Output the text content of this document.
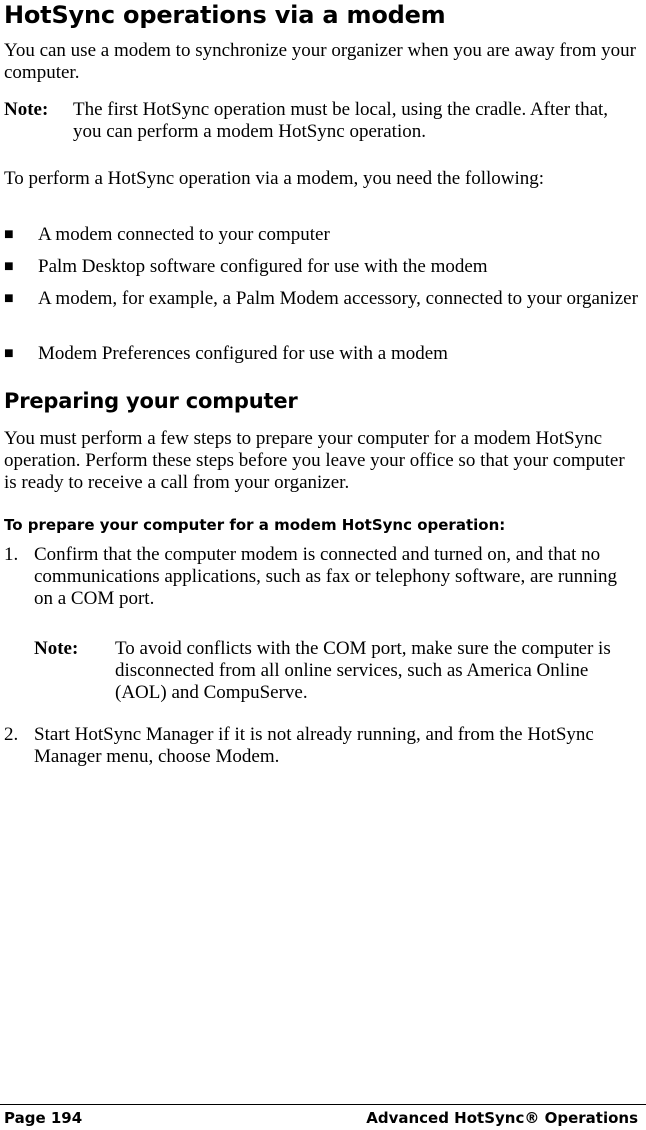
HotSync operations via a modem

You can use a modem to synchronize your organizer when you are away from your computer.

Note: The first HotSync operation must be local, using the cradle. After that, you can perform a modem HotSync operation.

To perform a HotSync operation via a modem, you need the following:

■ A modem connected to your computer
■ Palm Desktop software configured for use with the modem
■ A modem, for example, a Palm Modem accessory, connected to your organizer
■ Modem Preferences configured for use with a modem
Preparing your computer

You must perform a few steps to prepare your computer for a modem HotSync operation. Perform these steps before you leave your office so that your computer is ready to receive a call from your organizer.

To prepare your computer for a modem HotSync operation:
1. Confirm that the computer modem is connected and turned on, and that no communications applications, such as fax or telephony software, are running on a COM port.
Note: To avoid conflicts with the COM port, make sure the computer is disconnected from all online services, such as America Online (AOL) and CompuServe.
2. Start HotSync Manager if it is not already running, and from the HotSync Manager menu, choose Modem.
Page 194	Advanced HotSync® Operations
